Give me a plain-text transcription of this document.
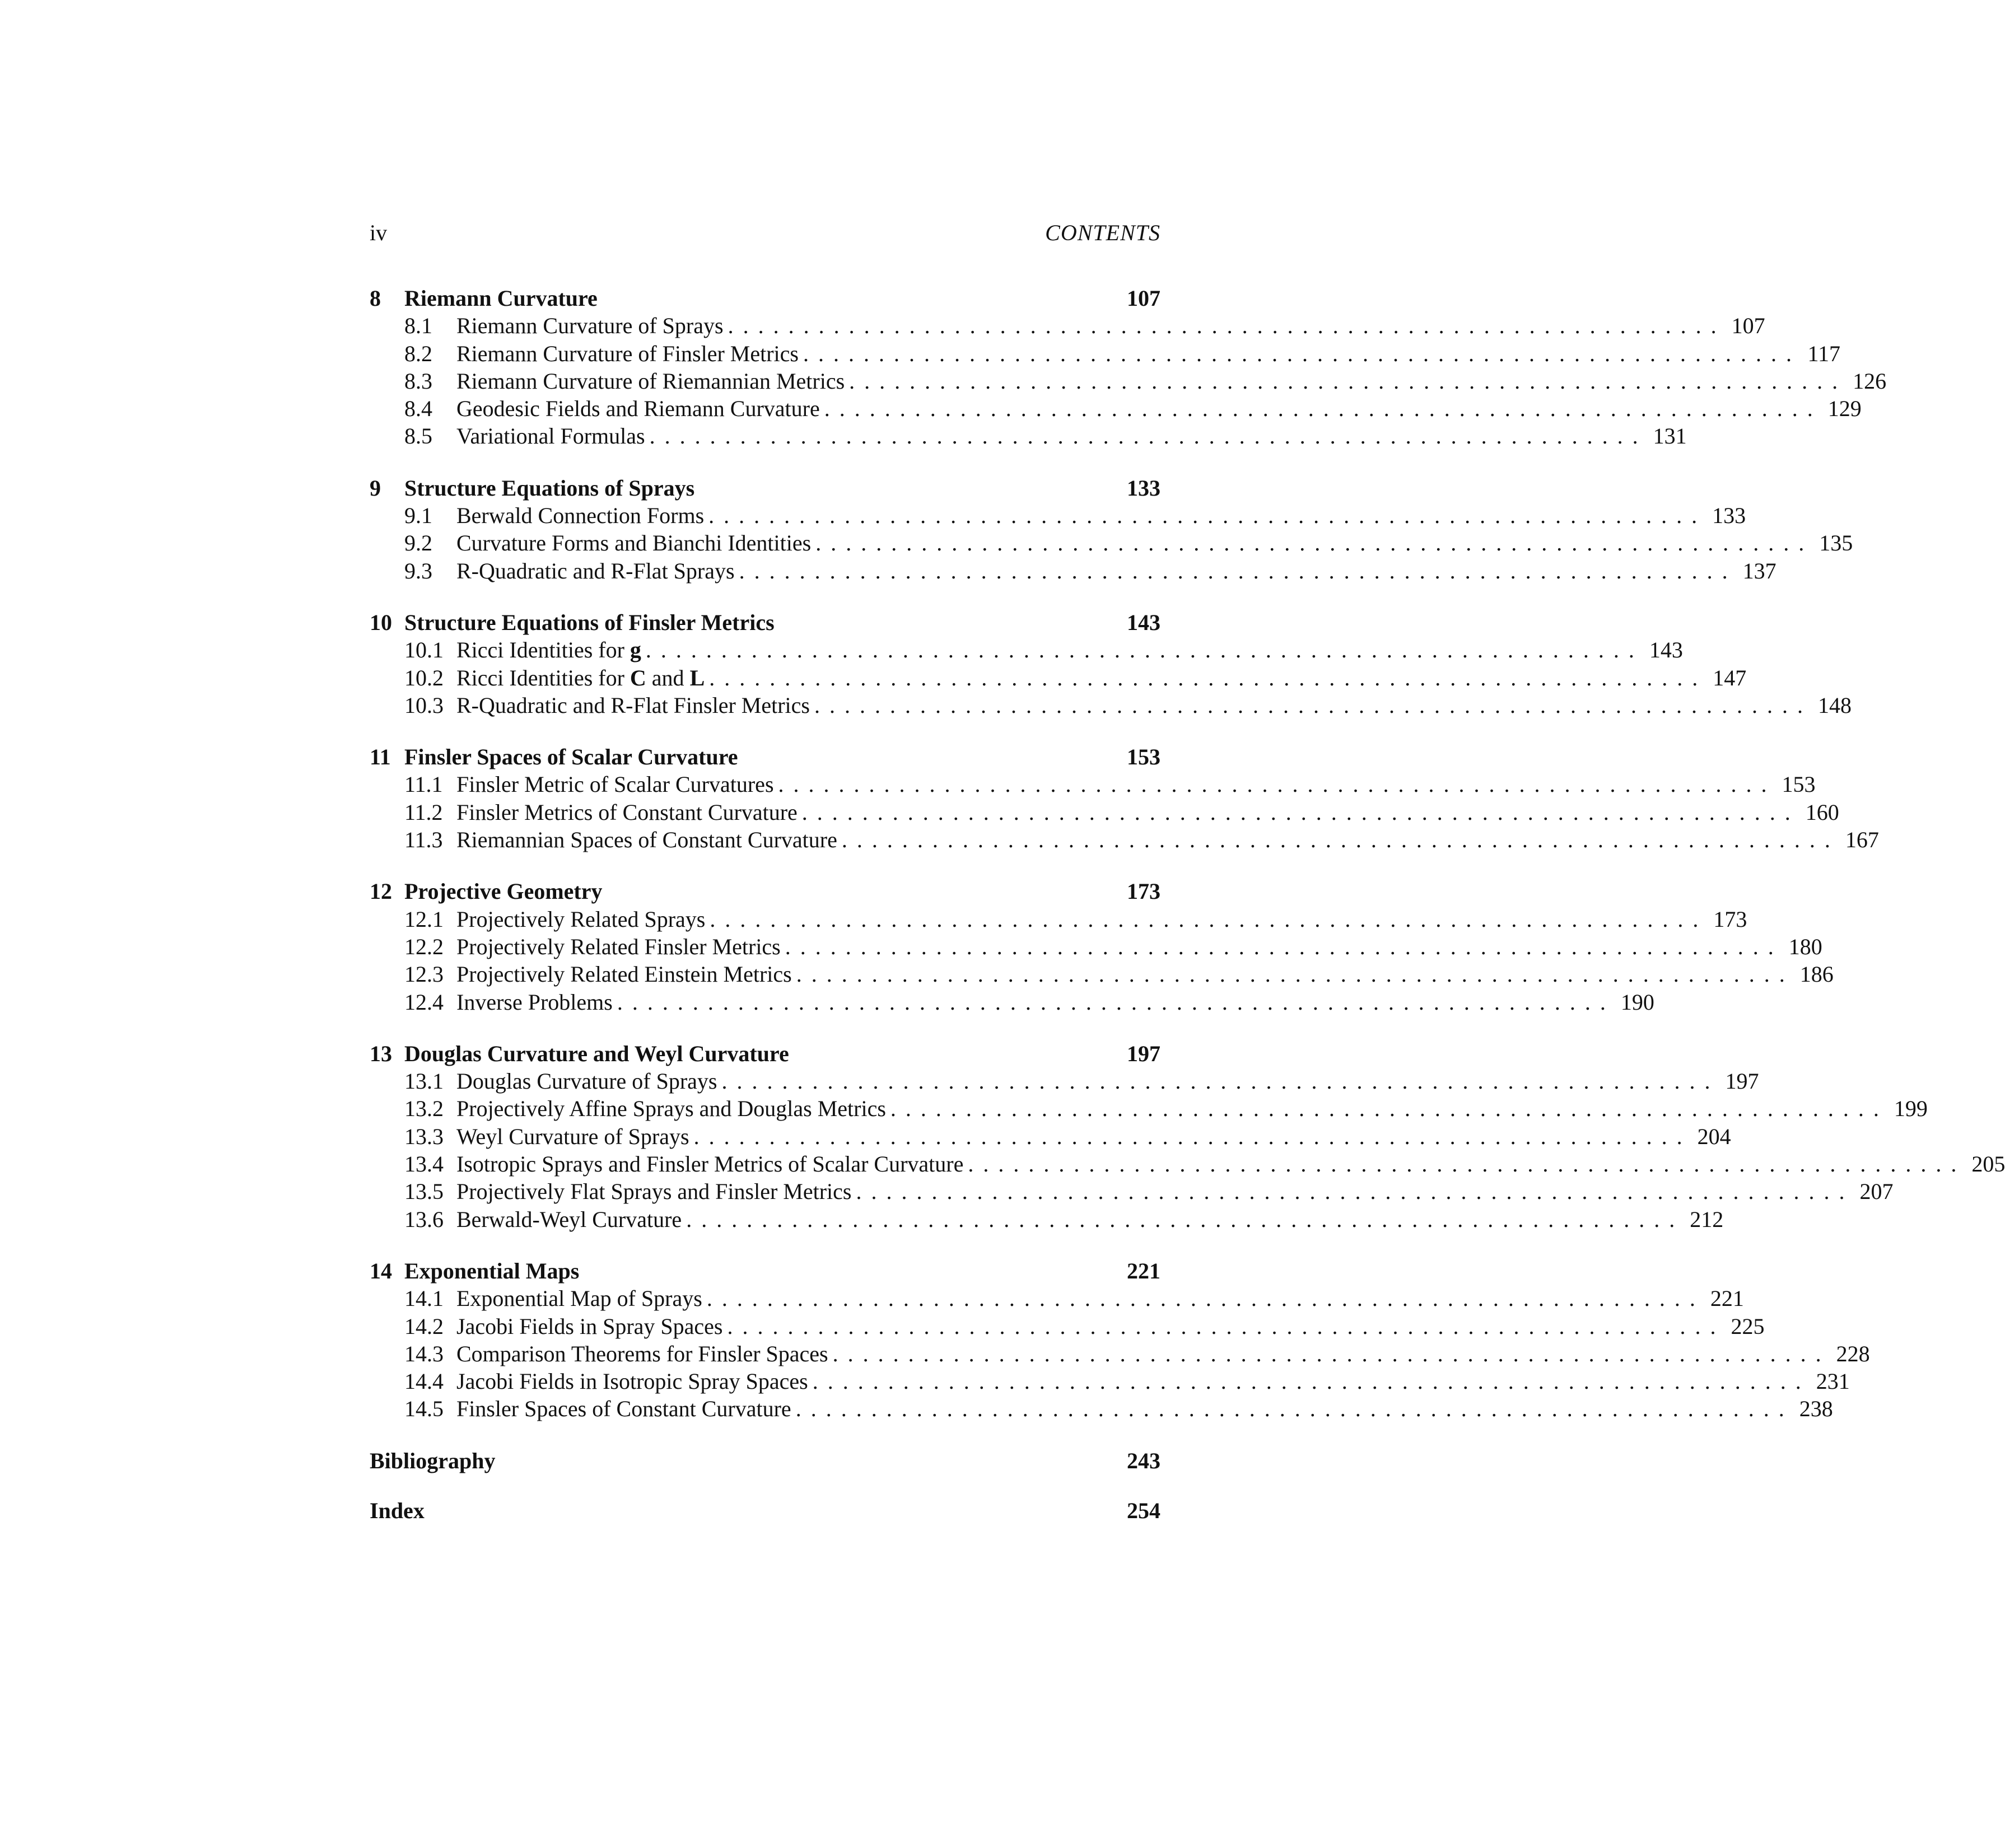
iv	CONTENTS
8	Riemann Curvature	107
8.1	Riemann Curvature of Sprays .................................................................. 107
8.2	Riemann Curvature of Finsler Metrics .................................................................. 117
8.3	Riemann Curvature of Riemannian Metrics .................................................................. 126
8.4	Geodesic Fields and Riemann Curvature .................................................................. 129
8.5	Variational Formulas .................................................................. 131
9	Structure Equations of Sprays	133
9.1	Berwald Connection Forms .................................................................. 133
9.2	Curvature Forms and Bianchi Identities .................................................................. 135
9.3	R-Quadratic and R-Flat Sprays .................................................................. 137
10 Structure Equations of Finsler Metrics	143
10.1 Ricci Identities for g .................................................................. 143
10.2 Ricci Identities for C and L .................................................................. 147
10.3 R-Quadratic and R-Flat Finsler Metrics .................................................................. 148
11 Finsler Spaces of Scalar Curvature	153
11.1 Finsler Metric of Scalar Curvatures .................................................................. 153
11.2 Finsler Metrics of Constant Curvature .................................................................. 160
11.3 Riemannian Spaces of Constant Curvature .................................................................. 167
12 Projective Geometry	173
12.1 Projectively Related Sprays .................................................................. 173
12.2 Projectively Related Finsler Metrics .................................................................. 180
12.3 Projectively Related Einstein Metrics .................................................................. 186
12.4 Inverse Problems .................................................................. 190
13 Douglas Curvature and Weyl Curvature	197
13.1 Douglas Curvature of Sprays .................................................................. 197
13.2 Projectively Affine Sprays and Douglas Metrics .................................................................. 199
13.3 Weyl Curvature of Sprays .................................................................. 204
13.4 Isotropic Sprays and Finsler Metrics of Scalar Curvature .................................................................. 205
13.5 Projectively Flat Sprays and Finsler Metrics .................................................................. 207
13.6 Berwald-Weyl Curvature .................................................................. 212
14 Exponential Maps	221
14.1 Exponential Map of Sprays .................................................................. 221
14.2 Jacobi Fields in Spray Spaces .................................................................. 225
14.3 Comparison Theorems for Finsler Spaces .................................................................. 228
14.4 Jacobi Fields in Isotropic Spray Spaces .................................................................. 231
14.5 Finsler Spaces of Constant Curvature .................................................................. 238
Bibliography	243
Index	254
